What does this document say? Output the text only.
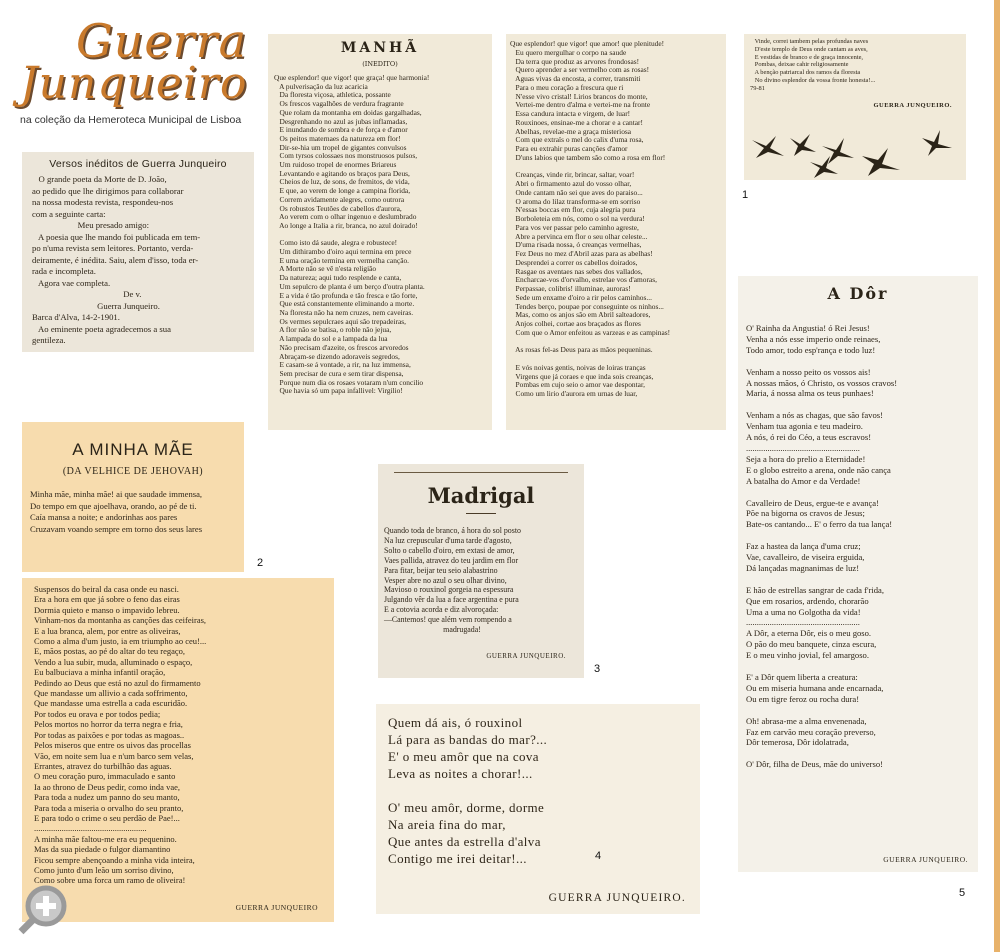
Guerra
Junqueiro
na coleção da Hemeroteca Municipal de Lisboa
Versos inéditos de Guerra Junqueiro
O grande poeta da Morte de D. João,
ao pedido que lhe dirigimos para collaborar
na nossa modesta revista, respondeu-nos
com a seguinte carta:
Meu presado amigo:
A poesia que lhe mando foi publicada em tem-
po n'uma revista sem leitores. Portanto, verda-
deiramente, é inédita. Saiu, alem d'isso, toda er-
rada e incompleta.
Agora vae completa.
De v.
Guerra Junqueiro.
Barca d'Alva, 14-2-1901.
Ao eminente poeta agradecemos a sua
gentileza.
MANHÃ
(INEDITO)
Que esplendor! que vigor! que graça! que harmonia!
A pulverisação da luz acaricia
Da floresta viçosa, athletica, possante
Os frescos vagalhões de verdura fragrante
Que rolam da montanha em doidas gargalhadas,
Desgrenhando no azul as jubas inflamadas,
E inundando de sombra e de força e d'amor
Os peitos maternaes da natureza em flor!
Dir-se-hia um tropel de gigantes convulsos
Com tyrsos colossaes nos monstruosos pulsos,
Um ruidoso tropel de enormes Briareus
Levantando e agitando os braços para Deus,
Cheios de luz, de sons, de fremitos, de vida,
E que, ao verem de longe a campina florida,
Correm avidamente alegres, como outrora
Os robustos Teutões de cabellos d'aurora,
Ao verem com o olhar ingenuo e deslumbrado
Ao longe a Italia a rir, branca, no azul doirado!

Como isto dá saude, alegra e robustece!
Um dithirambo d'oiro aqui termina em prece
E uma oração termina em vermelha canção.
A Morte não se vê n'esta religião
Da natureza; aqui tudo resplende e canta,
Um sepulcro de planta é um berço d'outra planta.
E a vida é tão profunda e tão fresca e tão forte,
Que está constantemente eliminando a morte.
Na floresta não ha nem cruzes, nem caveiras.
Os vermes sepulcraes aqui são trepadeiras,
A flor não se batisa, o roble não jejua,
A lampada do sol e a lampada da lua
Não precisam d'azeite, os frescos arvoredos
Abraçam-se dizendo adoraveis segredos,
E casam-se á vontade, a rir, na luz immensa,
Sem precisar de cura e sem tirar dispensa,
Porque num dia os rosaes votaram n'um concilio
Que havia só um papa infallivel: Virgilio!
Que esplendor! que vigor! que amor! que plenitude!
Eu quero mergulhar o corpo na saude
Da terra que produz as arvores frondosas!
Quero aprender a ser vermelho com as rosas!
Aguas vivas da encosta, a correr, transmiti
Para o meu coração a frescura que ri
N'esse vivo cristal! Lirios brancos do monte,
Vertei-me dentro d'alma e vertei-me na fronte
Essa candura intacta e virgem, de luar!
Rouxinoes, ensinae-me a chorar e a cantar!
Abelhas, revelae-me a graça misteriosa
Com que extraïs o mel do calix d'uma rosa,
Para eu extrahir puras canções d'amor
D'uns labios que tambem são como a rosa em flor!

Creanças, vinde rir, brincar, saltar, voar!
Abri o firmamento azul do vosso olhar,
Onde cantam não sei que aves do paraiso...
O aroma do lilaz transforma-se em sorriso
N'essas boccas em flor, cuja alegria pura
Borboleteia em nós, como o sol na verdura!
Para vos ver passar pelo caminho agreste,
Abre a pervinca em flor o seu olhar celeste...
D'uma risada nossa, ó creanças vermelhas,
Fez Deus no mez d'Abril azas para as abelhas!
Desprendei a correr os cabellos doirados,
Rasgae os aventaes nas sebes dos vallados,
Encharcae-vos d'orvalho, estrelae vos d'amoras,
Perpassae, colibris! illuminae, auroras!
Sede um enxame d'oiro a rir pelos caminhos...
Tendes berço, poupae por conseguinte os ninhos...
Mas, como os anjos são em Abril salteadores,
Anjos colhei, cortae aos braçados as flores
Com que o Amor enfeitou as varzeas e as campinas!

As rosas fel-as Deus para as mãos pequeninas.

E vós noivas gentis, noivas de loiras tranças
Virgens que já coraes e que inda sois creanças,
Pombas em cujo seio o amor vae despontar,
Como um lirio d'aurora em urnas de luar,
Vinde, correi tambem pelas profundas naves
D'este templo de Deus onde cantam as aves,
E vestidas de branco e de graça innocente,
Pombas, deixae cahir religiosamente
A benção patriarcal dos ramos da floresta
No divino esplendor da vossa fronte honesta!...
79-81
GUERRA JUNQUEIRO.
1
A MINHA MÃE
(DA VELHICE DE JEHOVAH)
Minha mãe, minha mãe! ai que saudade immensa,
Do tempo em que ajoelhava, orando, ao pé de ti.
Caía mansa a noite; e andorinhas aos pares
Cruzavam voando sempre em torno dos seus lares
2
Suspensos do beiral da casa onde eu nasci.
Era a hora em que já sobre o feno das eiras
Dormia quieto e manso o impavido lebreu.
Vinham-nos da montanha as canções das ceifeiras,
E a lua branca, alem, por entre as oliveiras,
Como a alma d'um justo, ia em triumpho ao ceu!...
E, mãos postas, ao pé do altar do teu regaço,
Vendo a lua subir, muda, alluminado o espaço,
Eu balbuciava a minha infantil oração,
Pedindo ao Deus que está no azul do firmamento
Que mandasse um allivio a cada soffrimento,
Que mandasse uma estrella a cada escuridão.
Por todos eu orava e por todos pedia;
Pelos mortos no horror da terra negra e fria,
Por todas as paixões e por todas as magoas..
Pelos miseros que entre os uivos das procellas
Vão, em noite sem lua e n'um barco sem velas,
Errantes, atravez do turbilhão das aguas.
O meu coração puro, immaculado e santo
Ia ao throno de Deus pedir, como inda vae,
Para toda a nudez um panno do seu manto,
Para toda a miseria o orvalho do seu pranto,
E para todo o crime o seu perdão de Pae!...
.....................................................
A minha mãe faltou-me era eu pequenino.
Mas da sua piedade o fulgor diamantino
Ficou sempre abençoando a minha vida inteira,
Como junto d'um leão um sorriso divino,
Como sobre uma forca um ramo de oliveira!
GUERRA JUNQUEIRO
Madrigal
Quando toda de branco, á hora do sol posto
Na luz crepuscular d'uma tarde d'agosto,
Solto o cabello d'oiro, em extasi de amor,
Vaes pallida, atravez do teu jardim em flor
Para fitar, beijar teu seio alabastrino
Vesper abre no azul o seu olhar divino,
Mavioso o rouxinol gorgeia na espessura
Julgando vêr da lua a face argentina e pura
E a cotovia acorda e diz alvoroçada:
—Cantemos! que além vem rompendo a
madrugada!
GUERRA JUNQUEIRO.
3
Quem dá ais, ó rouxinol
Lá para as bandas do mar?...
E' o meu amôr que na cova
Leva as noites a chorar!...

O' meu amôr, dorme, dorme
Na areia fina do mar,
Que antes da estrella d'alva
Contigo me irei deitar!...
GUERRA JUNQUEIRO.
4
A Dôr
O' Rainha da Angustia! ó Rei Jesus!
Venha a nós esse imperio onde reinaes,
Todo amor, todo esp'rança e todo luz!

Venham a nosso peito os vossos ais!
A nossas mãos, ó Christo, os vossos cravos!
Maria, á nossa alma os teus punhaes!

Venham a nós as chagas, que são favos!
Venham tua agonia e teu madeiro.
A nós, ó rei do Céo, a teus escravos!
.....................................................
Seja a hora do prelio a Eternidade!
E o globo estreito a arena, onde não cança
A batalha do Amor e da Verdade!

Cavalleiro de Deus, ergue-te e avança!
Põe na bigorna os cravos de Jesus;
Bate-os cantando... E' o ferro da tua lança!

Faz a hastea da lança d'uma cruz;
Vae, cavalleiro, de viseira erguida,
Dá lançadas magnanimas de luz!

E hão de estrellas sangrar de cada f'rida,
Que em rosarios, ardendo, chorarão
Uma a uma no Golgotha da vida!
.....................................................
A Dôr, a eterna Dôr, eis o meu goso.
O pão do meu banquete, cinza escura,
E o meu vinho jovial, fel amargoso.

E' a Dôr quem liberta a creatura:
Ou em miseria humana ande encarnada,
Ou em tigre feroz ou rocha dura!

Oh! abrasa-me a alma envenenada,
Faz em carvão meu coração preverso,
Dôr temerosa, Dôr idolatrada,

O' Dôr, filha de Deus, mãe do universo!
GUERRA JUNQUEIRO.
5
